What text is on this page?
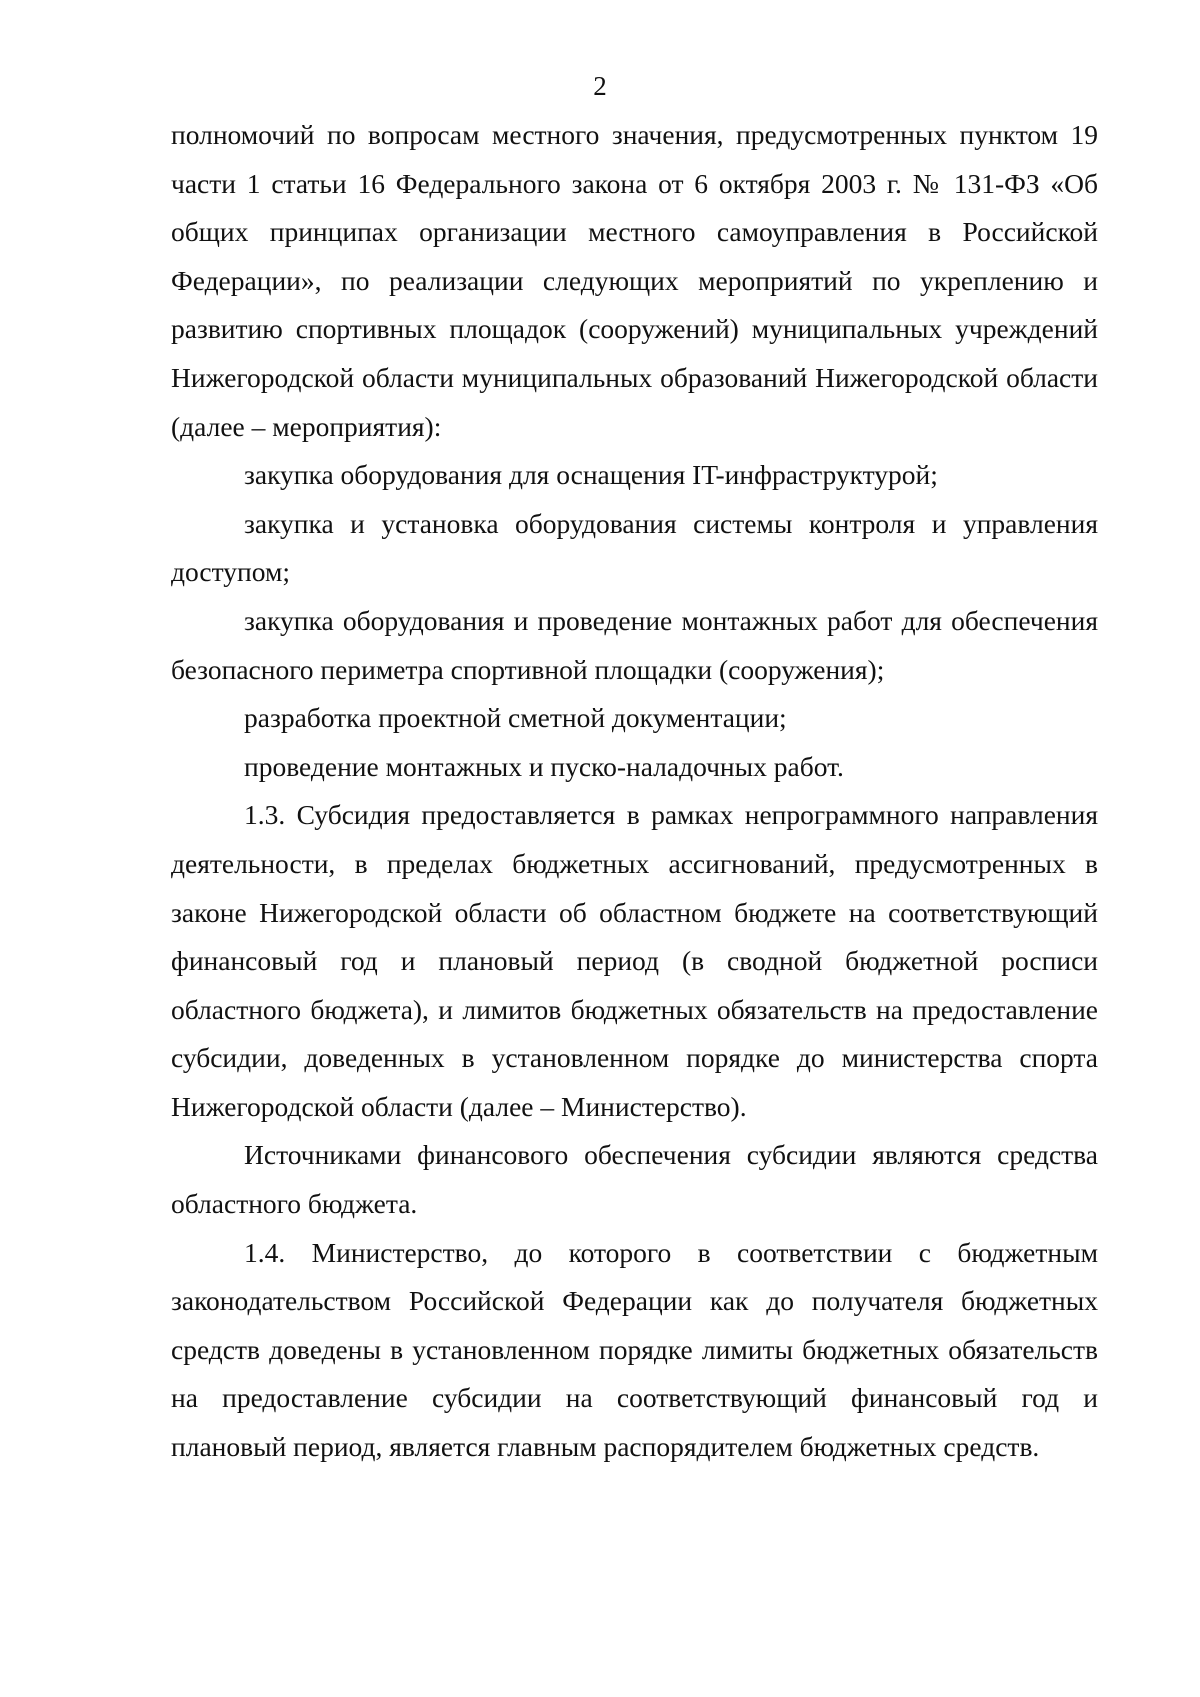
2

полномочий по вопросам местного значения, предусмотренных пунктом 19 части 1 статьи 16 Федерального закона от 6 октября 2003 г. № 131-ФЗ «Об общих принципах организации местного самоуправления в Российской Федерации», по реализации следующих мероприятий по укреплению и развитию спортивных площадок (сооружений) муниципальных учреждений Нижегородской области муниципальных образований Нижегородской области (далее – мероприятия):

закупка оборудования для оснащения IT-инфраструктурой;

закупка и установка оборудования системы контроля и управления доступом;

закупка оборудования и проведение монтажных работ для обеспечения безопасного периметра спортивной площадки (сооружения);

разработка проектной сметной документации;

проведение монтажных и пуско-наладочных работ.

1.3. Субсидия предоставляется в рамках непрограммного направления деятельности, в пределах бюджетных ассигнований, предусмотренных в законе Нижегородской области об областном бюджете на соответствующий финансовый год и плановый период (в сводной бюджетной росписи областного бюджета), и лимитов бюджетных обязательств на предоставление субсидии, доведенных в установленном порядке до министерства спорта Нижегородской области (далее – Министерство).

Источниками финансового обеспечения субсидии являются средства областного бюджета.

1.4. Министерство, до которого в соответствии с бюджетным законодательством Российской Федерации как до получателя бюджетных средств доведены в установленном порядке лимиты бюджетных обязательств на предоставление субсидии на соответствующий финансовый год и плановый период, является главным распорядителем бюджетных средств.
